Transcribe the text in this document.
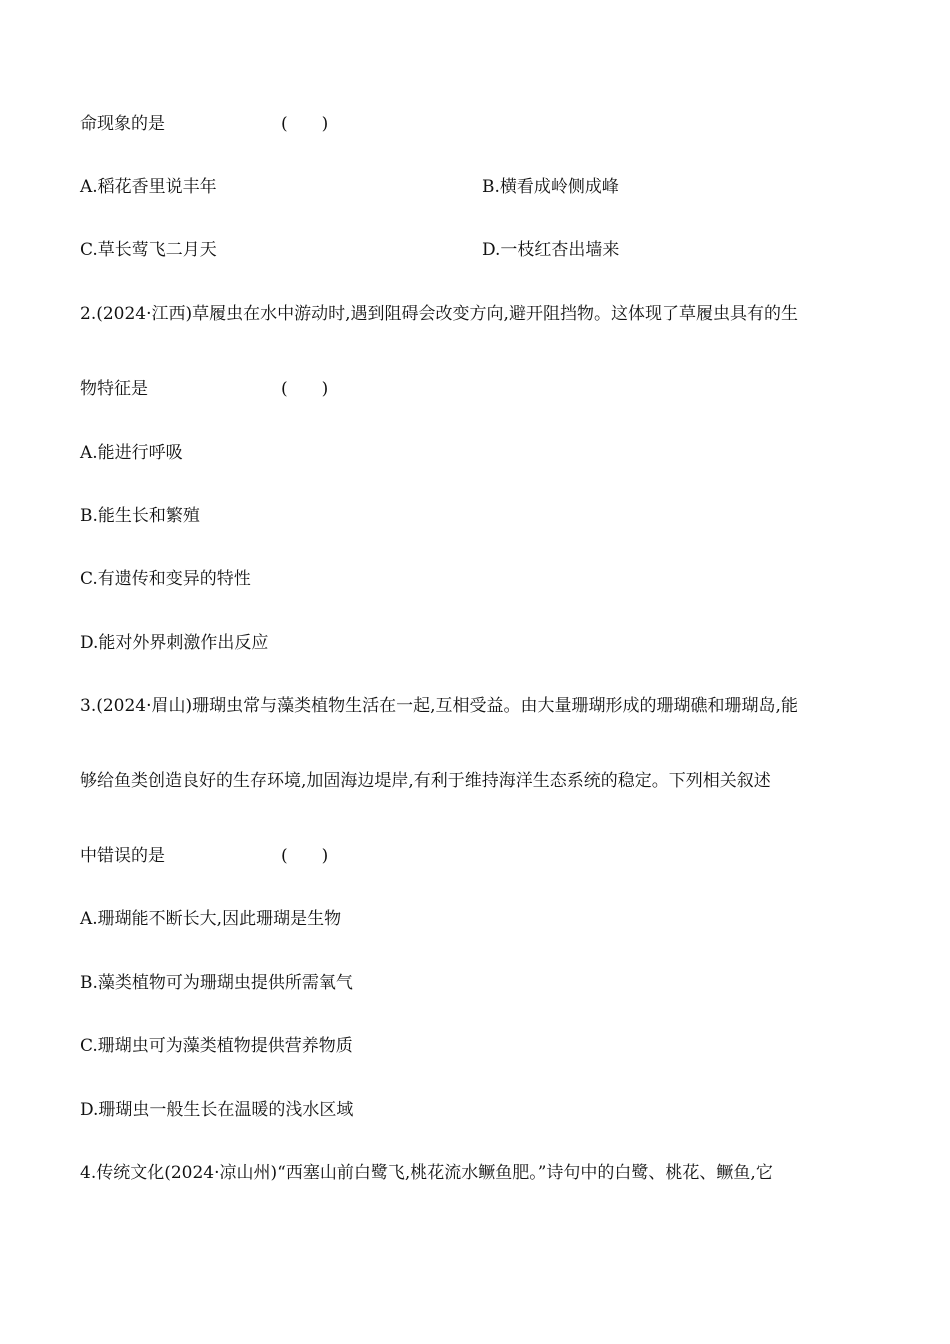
命现象的是	(　　)
A.稻花香里说丰年	B.横看成岭侧成峰
C.草长莺飞二月天	D.一枝红杏出墙来
2.(2024·江西)草履虫在水中游动时,遇到阻碍会改变方向,避开阻挡物。这体现了草履虫具有的生
物特征是	(　　)
A.能进行呼吸
B.能生长和繁殖
C.有遗传和变异的特性
D.能对外界刺激作出反应
3.(2024·眉山)珊瑚虫常与藻类植物生活在一起,互相受益。由大量珊瑚形成的珊瑚礁和珊瑚岛,能
够给鱼类创造良好的生存环境,加固海边堤岸,有利于维持海洋生态系统的稳定。下列相关叙述
中错误的是	(　　)
A.珊瑚能不断长大,因此珊瑚是生物
B.藻类植物可为珊瑚虫提供所需氧气
C.珊瑚虫可为藻类植物提供营养物质
D.珊瑚虫一般生长在温暖的浅水区域
4.传统文化(2024·凉山州)“西塞山前白鹭飞,桃花流水鳜鱼肥。”诗句中的白鹭、桃花、鳜鱼,它
